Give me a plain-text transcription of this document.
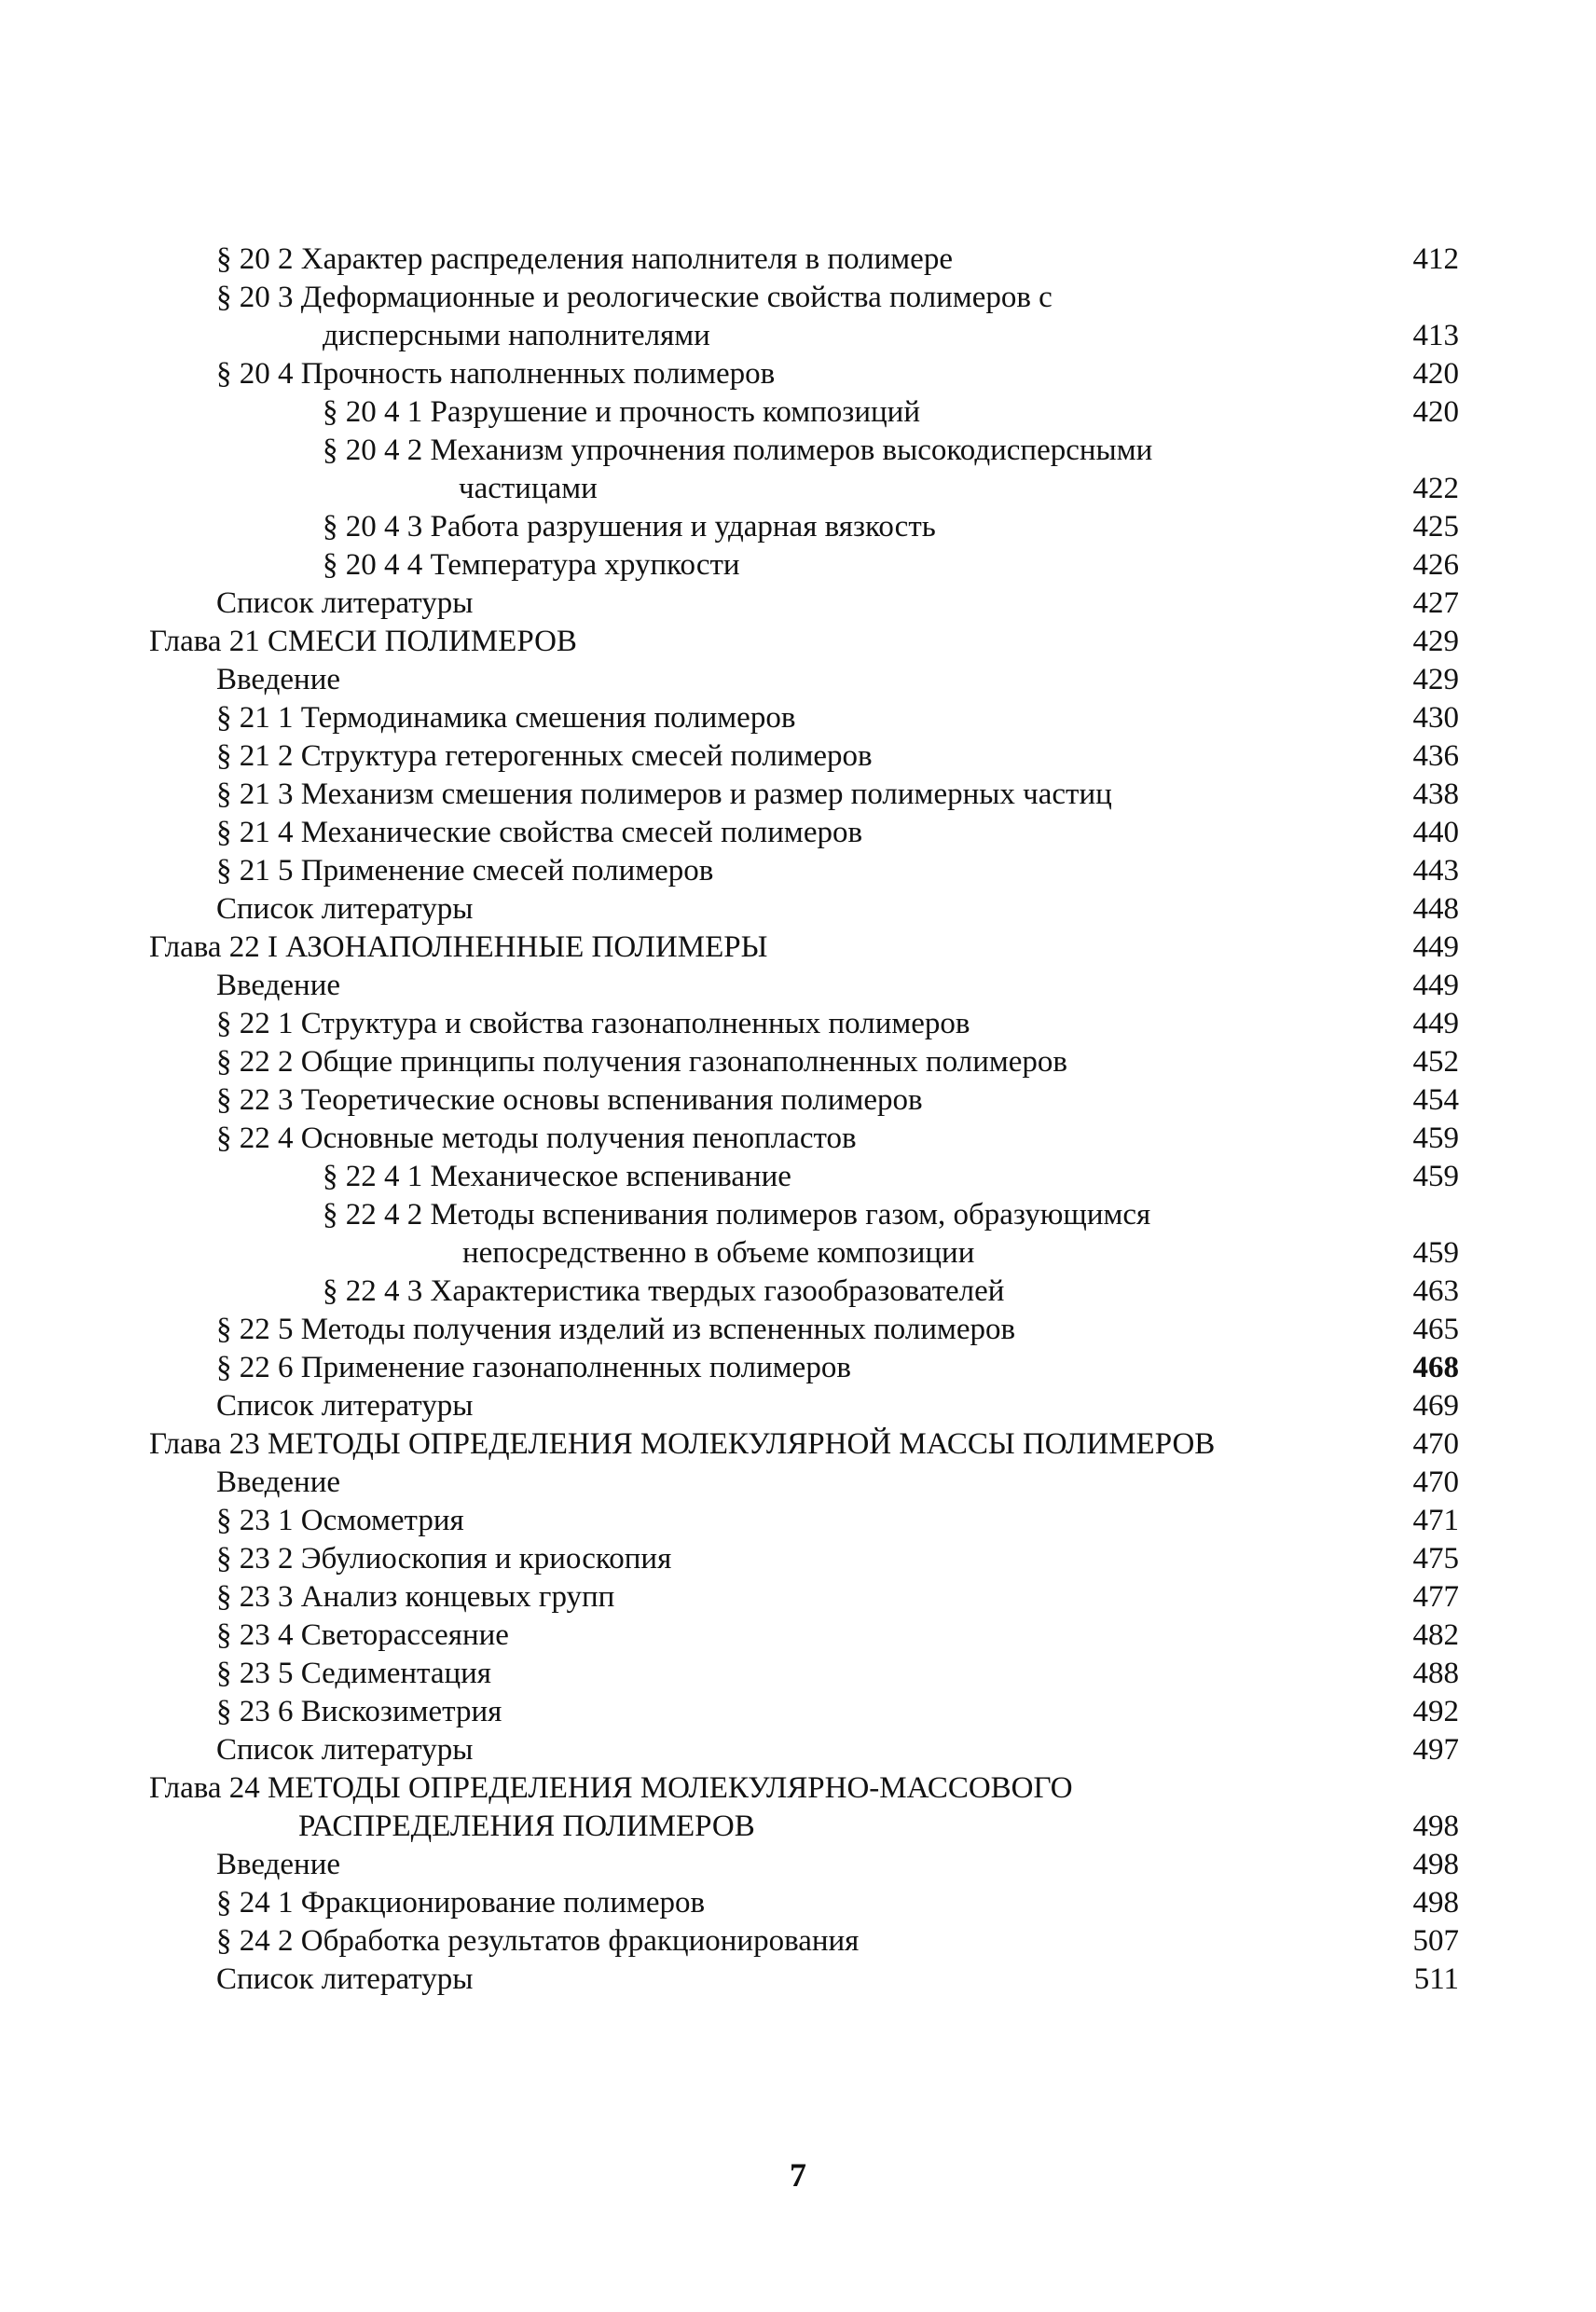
§ 20 2 Характер распределения наполнителя в полимере	412
§ 20 3 Деформационные и реологические свойства полимеров с
дисперсными наполнителями	413
§ 20 4 Прочность наполненных полимеров	420
§ 20 4 1 Разрушение и прочность композиций	420
§ 20 4 2 Механизм упрочнения полимеров высокодисперсными
частицами	422
§ 20 4 3 Работа разрушения и ударная вязкость	425
§ 20 4 4 Температура хрупкости	426
Список литературы	427
Глава 21 СМЕСИ ПОЛИМЕРОВ	429
Введение	429
§ 21 1 Термодинамика смешения полимеров	430
§ 21 2 Структура гетерогенных смесей полимеров	436
§ 21 3 Механизм смешения полимеров и размер полимерных частиц	438
§ 21 4 Механические свойства смесей полимеров	440
§ 21 5 Применение смесей полимеров	443
Список литературы	448
Глава 22 I АЗОНАПОЛНЕННЫЕ ПОЛИМЕРЫ	449
Введение	449
§ 22 1 Структура и свойства газонаполненных полимеров	449
§ 22 2 Общие принципы получения газонаполненных полимеров	452
§ 22 3 Теоретические основы вспенивания полимеров	454
§ 22 4 Основные методы получения пенопластов	459
§ 22 4 1 Механическое вспенивание	459
§ 22 4 2 Методы вспенивания полимеров газом, образующимся
непосредственно в объеме композиции	459
§ 22 4 3 Характеристика твердых газообразователей	463
§ 22 5 Методы получения изделий из вспененных полимеров	465
§ 22 6 Применение газонаполненных полимеров	468
Список литературы	469
Глава 23 МЕТОДЫ ОПРЕДЕЛЕНИЯ МОЛЕКУЛЯРНОЙ МАССЫ ПОЛИМЕРОВ	470
Введение	470
§ 23 1 Осмометрия	471
§ 23 2 Эбулиоскопия и криоскопия	475
§ 23 3 Анализ концевых групп	477
§ 23 4 Светорассеяние	482
§ 23 5 Седиментация	488
§ 23 6 Вискозиметрия	492
Список литературы	497
Глава 24 МЕТОДЫ ОПРЕДЕЛЕНИЯ МОЛЕКУЛЯРНО-МАССОВОГО
РАСПРЕДЕЛЕНИЯ ПОЛИМЕРОВ	498
Введение	498
§ 24 1 Фракционирование полимеров	498
§ 24 2 Обработка результатов фракционирования	507
Список литературы	511
7
